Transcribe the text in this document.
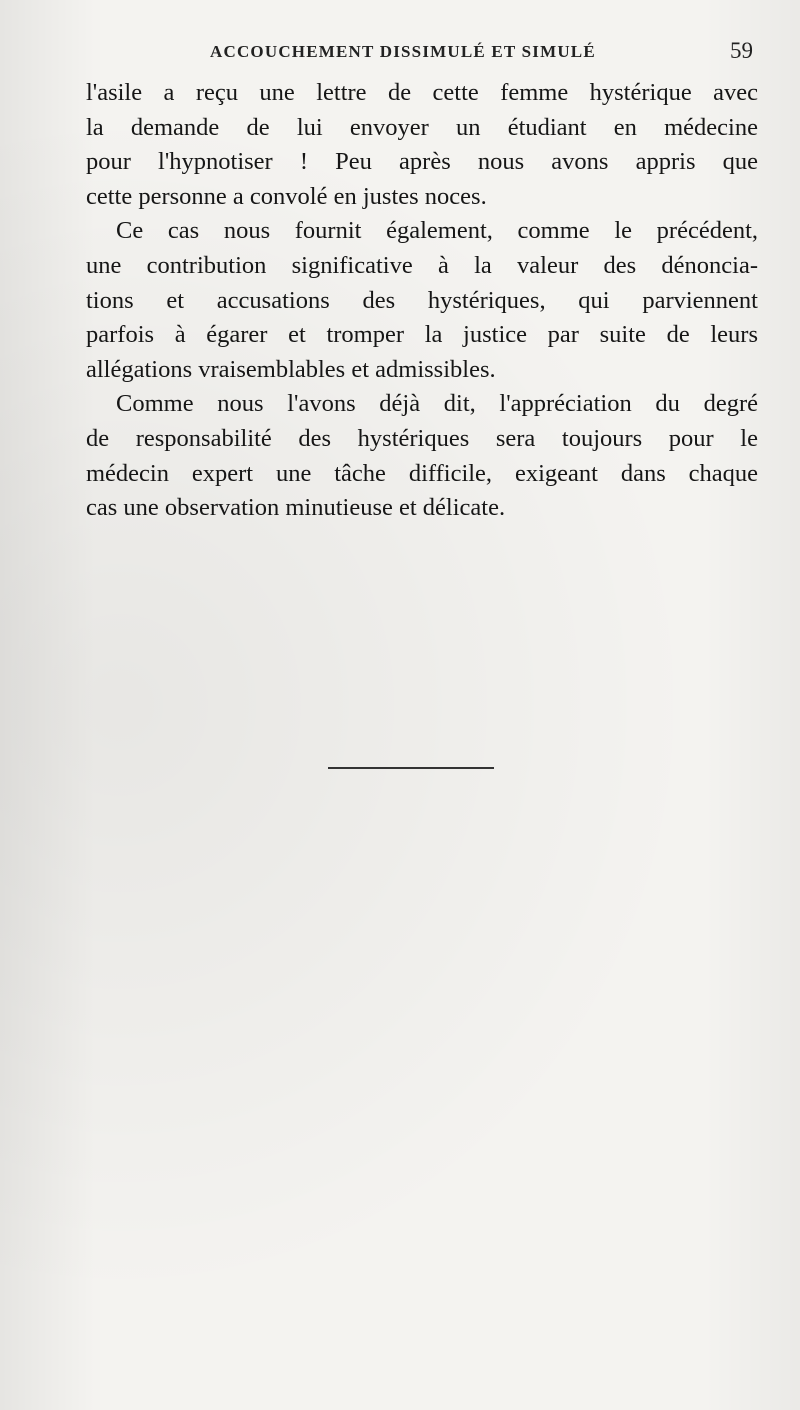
ACCOUCHEMENT DISSIMULÉ ET SIMULÉ	59

l'asile a reçu une lettre de cette femme hystérique avec
la demande de lui envoyer un étudiant en médecine
pour l'hypnotiser ! Peu après nous avons appris que
cette personne a convolé en justes noces.

Ce cas nous fournit également, comme le précédent,
une contribution significative à la valeur des dénoncia-
tions et accusations des hystériques, qui parviennent
parfois à égarer et tromper la justice par suite de leurs
allégations vraisemblables et admissibles.

Comme nous l'avons déjà dit, l'appréciation du degré
de responsabilité des hystériques sera toujours pour le
médecin expert une tâche difficile, exigeant dans chaque
cas une observation minutieuse et délicate.
